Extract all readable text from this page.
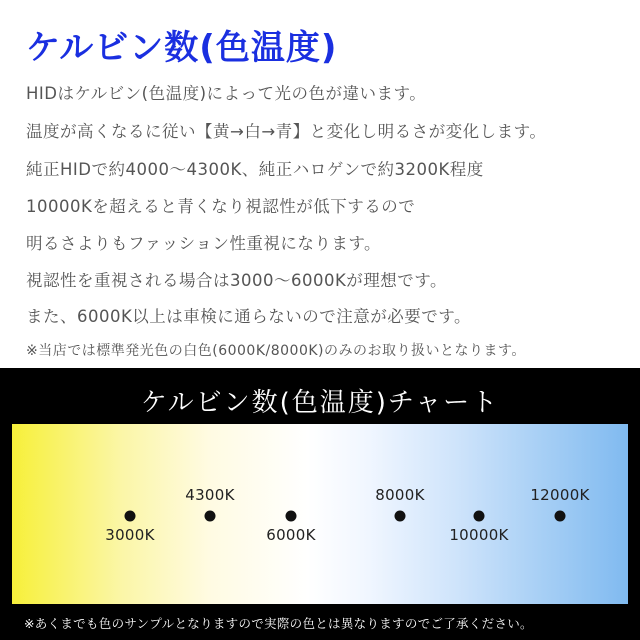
ケルビン数(色温度)

HIDはケルビン(色温度)によって光の色が違います。

温度が高くなるに従い【黄→白→青】と変化し明るさが変化します。

純正HIDで約4000〜4300K、純正ハロゲンで約3200K程度

10000Kを超えると青くなり視認性が低下するので

明るさよりもファッション性重視になります。

視認性を重視される場合は3000〜6000Kが理想です。

また、6000K以上は車検に通らないので注意が必要です。

※当店では標準発光色の白色(6000K/8000K)のみのお取り扱いとなります。

ケルビン数(色温度)チャート
3000K
4300K
6000K
8000K
10000K
12000K
※あくまでも色のサンプルとなりますので実際の色とは異なりますのでご了承ください。
